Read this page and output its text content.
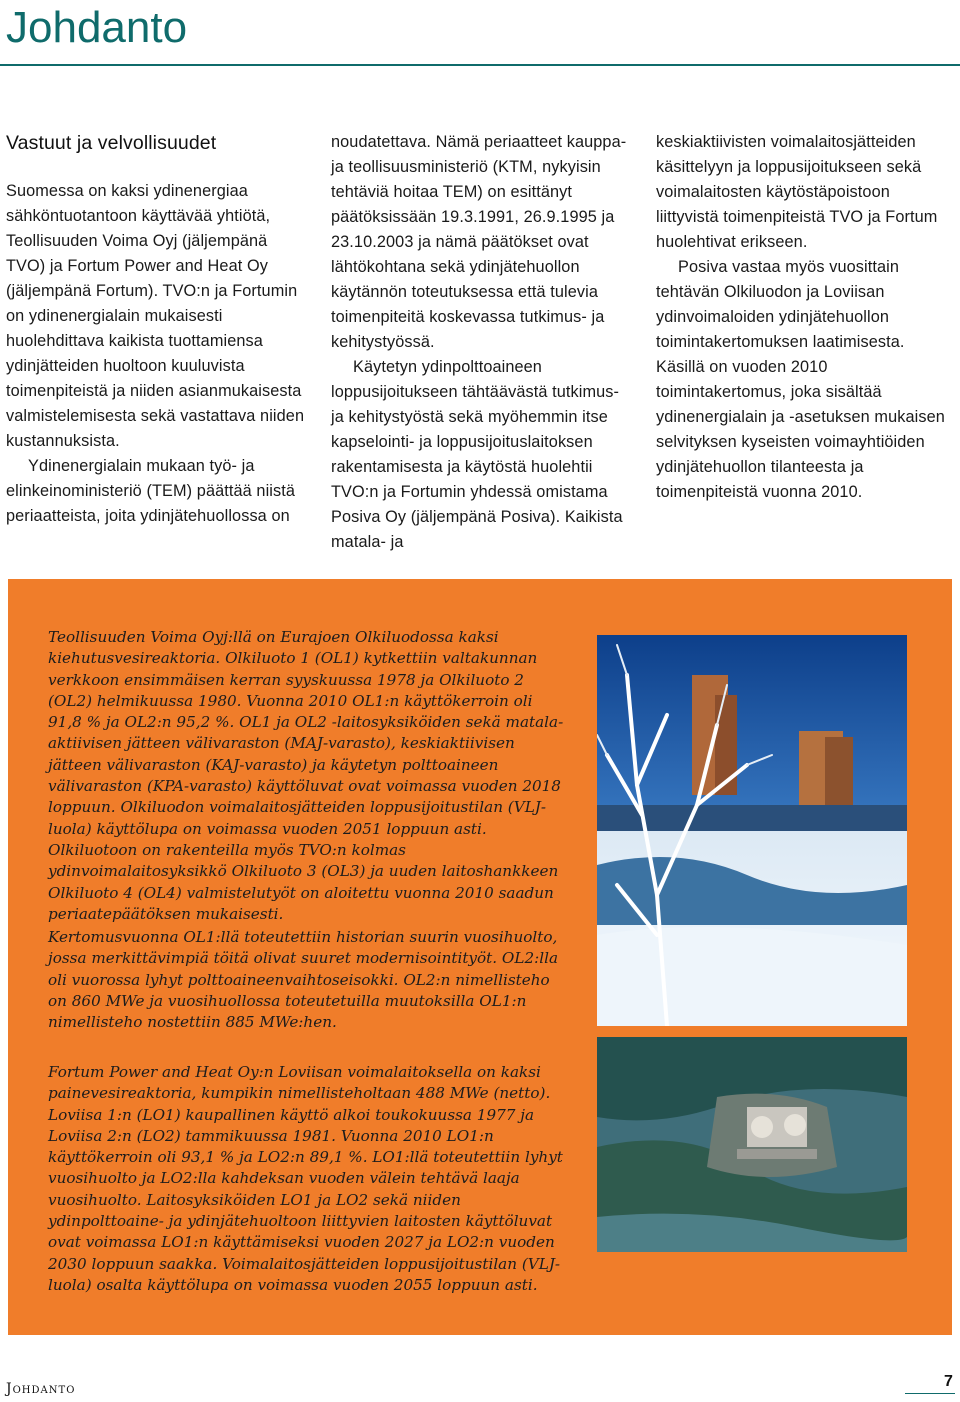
Johdanto
Vastuut ja velvollisuudet

Suomessa on kaksi ydinenergiaa sähköntuotantoon käyttävää yhtiötä, Teollisuuden Voima Oyj (jäljempänä TVO) ja Fortum Power and Heat Oy (jäljempänä Fortum). TVO:n ja Fortumin on ydinenergialain mukaisesti huolehdittava kaikista tuottamiensa ydinjätteiden huoltoon kuuluvista toimenpiteistä ja niiden asianmukaisesta valmistelemisesta sekä vastattava niiden kustannuksista.

Ydinenergialain mukaan työ- ja elinkeinoministeriö (TEM) päättää niistä periaatteista, joita ydinjätehuollossa on

noudatettava. Nämä periaatteet kauppa- ja teollisuusministeriö (KTM, nykyisin tehtäviä hoitaa TEM) on esittänyt päätöksissään 19.3.1991, 26.9.1995 ja 23.10.2003 ja nämä päätökset ovat lähtökohtana sekä ydinjätehuollon käytännön toteutuksessa että tulevia toimenpiteitä koskevassa tutkimus- ja kehitystyössä.

Käytetyn ydinpolttoaineen loppusijoitukseen tähtäävästä tutkimus- ja kehitystyöstä sekä myöhemmin itse kapselointi- ja loppusijoituslaitoksen rakentamisesta ja käytöstä huolehtii TVO:n ja Fortumin yhdessä omistama Posiva Oy (jäljempänä Posiva). Kaikista matala- ja

keskiaktiivisten voimalaitosjätteiden käsittelyyn ja loppusijoitukseen sekä voimalaitosten käytöstäpoistoon liittyvistä toimenpiteistä TVO ja Fortum huolehtivat erikseen.

Posiva vastaa myös vuosittain tehtävän Olkiluodon ja Loviisan ydinvoimaloiden ydinjätehuollon toimintakertomuksen laatimisesta. Käsillä on vuoden 2010 toimintakertomus, joka sisältää ydinenergialain ja -asetuksen mukaisen selvityksen kyseisten voimayhtiöiden ydinjätehuollon tilanteesta ja toimenpiteistä vuonna 2010.

Teollisuuden Voima Oyj:llä on Eurajoen Olkiluodossa kaksi kiehutusvesireaktoria. Olkiluoto 1 (OL1) kytkettiin valtakunnan verkkoon ensimmäisen kerran syyskuussa 1978 ja Olkiluoto 2 (OL2) helmikuussa 1980. Vuonna 2010 OL1:n käyttökerroin oli 91,8 % ja OL2:n 95,2 %. OL1 ja OL2 -laitosyksiköiden sekä matala-aktiivisen jätteen välivaraston (MAJ-varasto), keskiaktiivisen jätteen välivaraston (KAJ-varasto) ja käytetyn polttoaineen välivaraston (KPA-varasto) käyttöluvat ovat voimassa vuoden 2018 loppuun. Olkiluodon voimalaitosjätteiden loppusijoitustilan (VLJ-luola) käyttölupa on voimassa vuoden 2051 loppuun asti. Olkiluotoon on rakenteilla myös TVO:n kolmas ydinvoimalaitosyksikkö Olkiluoto 3 (OL3) ja uuden laitoshankkeen Olkiluoto 4 (OL4) valmistelutyöt on aloitettu vuonna 2010 saadun periaatepäätöksen mukaisesti.

Kertomusvuonna OL1:llä toteutettiin historian suurin vuosihuolto, jossa merkittävimpiä töitä olivat suuret modernisointityöt. OL2:lla oli vuorossa lyhyt polttoaineenvaihtoseisokki. OL2:n nimellisteho on 860 MWe ja vuosihuollossa toteutetuilla muutoksilla OL1:n nimellisteho nostettiin 885 MWe:hen.

Fortum Power and Heat Oy:n Loviisan voimalaitoksella on kaksi painevesireaktoria, kumpikin nimellisteholtaan 488 MWe (netto). Loviisa 1:n (LO1) kaupallinen käyttö alkoi toukokuussa 1977 ja Loviisa 2:n (LO2) tammikuussa 1981. Vuonna 2010 LO1:n käyttökerroin oli 93,1 % ja LO2:n 89,1 %. LO1:llä toteutettiin lyhyt vuosihuolto ja LO2:lla kahdeksan vuoden välein tehtävä laaja vuosihuolto. Laitosyksiköiden LO1 ja LO2 sekä niiden ydinpolttoaine- ja ydinjätehuoltoon liittyvien laitosten käyttöluvat ovat voimassa LO1:n käyttämiseksi vuoden 2027 ja LO2:n vuoden 2030 loppuun saakka. Voimalaitosjätteiden loppusijoitustilan (VLJ-luola) osalta käyttölupa on voimassa vuoden 2055 loppuun asti.

Johdanto	7
